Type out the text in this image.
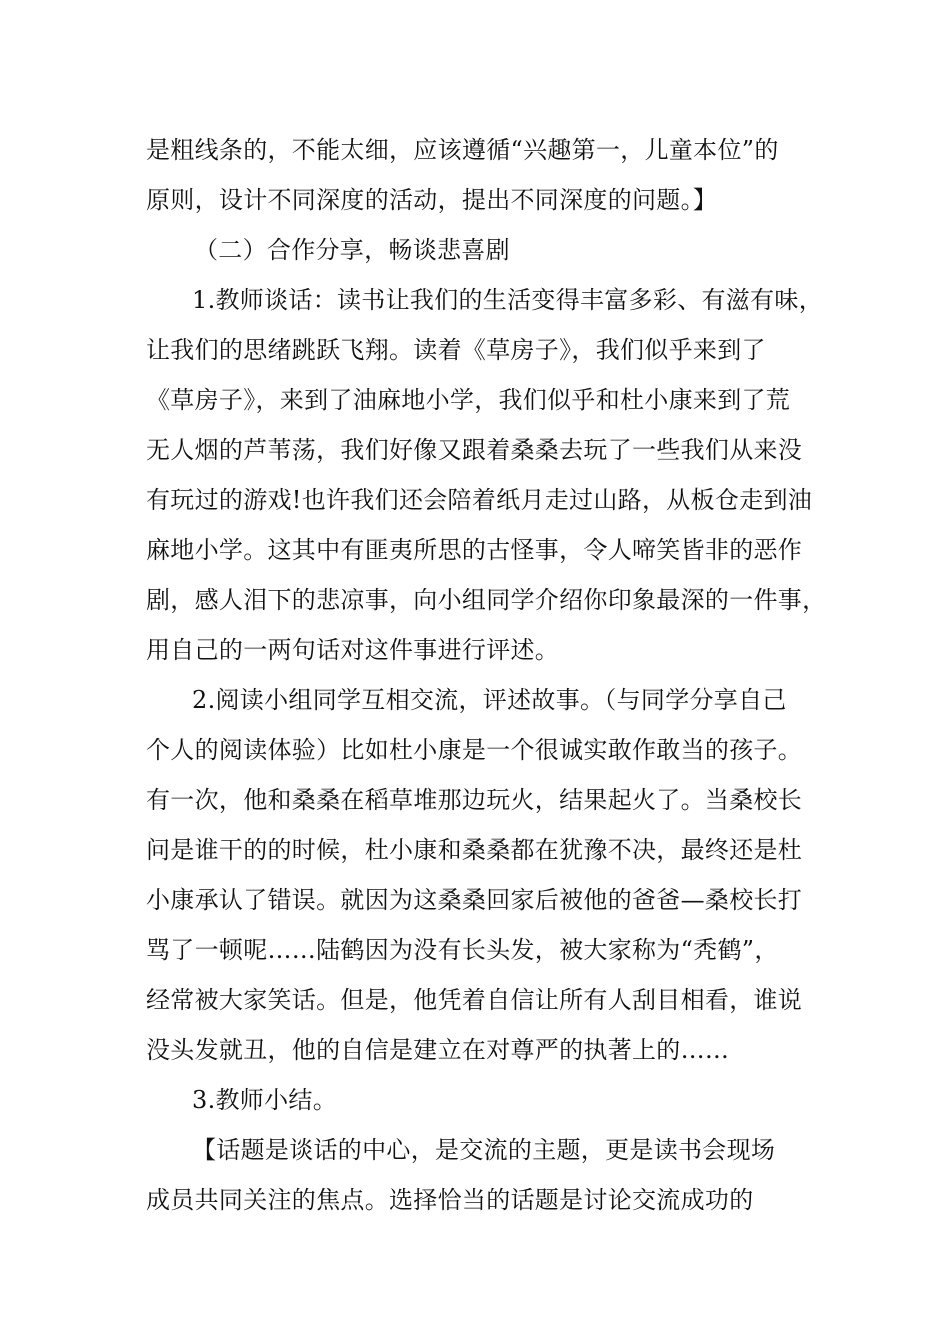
是粗线条的，不能太细，应该遵循“兴趣第一，儿童本位”的
原则，设计不同深度的活动，提出不同深度的问题。】
（二）合作分享，畅谈悲喜剧
1.教师谈话：读书让我们的生活变得丰富多彩、有滋有味，
让我们的思绪跳跃飞翔。读着《草房子》，我们似乎来到了
《草房子》，来到了油麻地小学，我们似乎和杜小康来到了荒
无人烟的芦苇荡，我们好像又跟着桑桑去玩了一些我们从来没
有玩过的游戏!也许我们还会陪着纸月走过山路，从板仓走到油
麻地小学。这其中有匪夷所思的古怪事，令人啼笑皆非的恶作
剧，感人泪下的悲凉事，向小组同学介绍你印象最深的一件事，
用自己的一两句话对这件事进行评述。
2.阅读小组同学互相交流，评述故事。（与同学分享自己
个人的阅读体验）比如杜小康是一个很诚实敢作敢当的孩子。
有一次，他和桑桑在稻草堆那边玩火，结果起火了。当桑校长
问是谁干的的时候，杜小康和桑桑都在犹豫不决，最终还是杜
小康承认了错误。就因为这桑桑回家后被他的爸爸—桑校长打
骂了一顿呢……陆鹤因为没有长头发，被大家称为“秃鹤”，
经常被大家笑话。但是，他凭着自信让所有人刮目相看，谁说
没头发就丑，他的自信是建立在对尊严的执著上的……
3.教师小结。
【话题是谈话的中心，是交流的主题，更是读书会现场
成员共同关注的焦点。选择恰当的话题是讨论交流成功的
